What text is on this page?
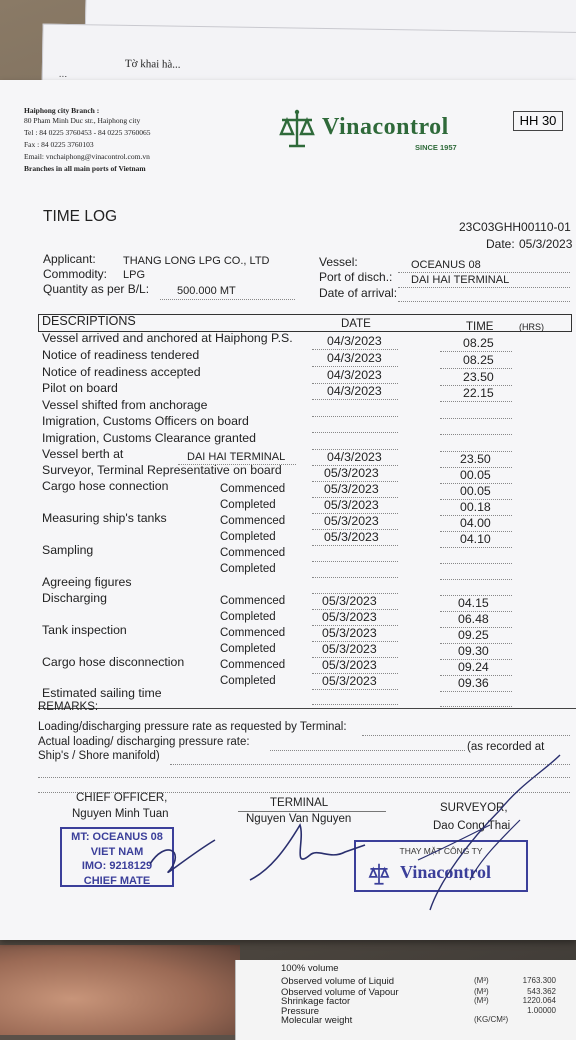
Tờ khai hà...
...
100% volume
Observed volume of Liquid	(M³)	1763.300
Observed volume of Vapour	(M³)	543.362
Shrinkage factor	(M³)	1220.064
Pressure	1.00000
Molecular weight	(KG/CM²)
Haiphong city Branch :
80 Pham Minh Duc str., Haiphong city
Tel : 84 0225 3760453 - 84 0225 3760065
Fax : 84 0225 3760103
Email: vnchaiphong@vinacontrol.com.vn
Branches in all main ports of Vietnam
Vinacontrol
SINCE 1957
HH 30
TIME LOG
23C03GHH00110-01
Date: 05/3/2023
Applicant: THANG LONG LPG CO., LTD
Commodity: LPG
Quantity as per B/L:	500.000 MT
Vessel:	OCEANUS 08
Port of disch.: DAI HAI TERMINAL
Date of arrival:
DESCRIPTIONS	DATE	TIME	(HRS)
Vessel arrived and anchored at Haiphong P.S.	04/3/2023	08.25
Notice of readiness tendered	04/3/2023	08.25
Notice of readiness accepted	04/3/2023	23.50
Pilot on board	04/3/2023	22.15
Vessel shifted from anchorage
Imigration, Customs Officers on board
Imigration, Customs Clearance granted
Vessel berth at	DAI HAI TERMINAL	04/3/2023	23.50
Surveyor, Terminal Representative on board	05/3/2023	00.05
Cargo hose connection	Commenced	05/3/2023	00.05
Completed	05/3/2023	00.18
Measuring ship's tanks	Commenced	05/3/2023	04.00
Completed	05/3/2023	04.10
Sampling	Commenced
Completed
Agreeing figures
Discharging	Commenced	05/3/2023	04.15
Completed	05/3/2023	06.48
Tank inspection	Commenced	05/3/2023	09.25
Completed	05/3/2023	09.30
Cargo hose disconnection	Commenced	05/3/2023	09.24
Completed	05/3/2023	09.36
Estimated sailing time
REMARKS:
Loading/discharging pressure rate as requested by Terminal:
Actual loading/ discharging pressure rate:	(as recorded at
Ship's / Shore manifold)
CHIEF OFFICER,
Nguyen Minh Tuan
TERMINAL
Nguyen Van Nguyen
SURVEYOR,
Dao Cong Thai
MT: OCEANUS 08
VIET NAM
IMO: 9218129
CHIEF MATE
THAY MẶT CÔNG TY
Vinacontrol
